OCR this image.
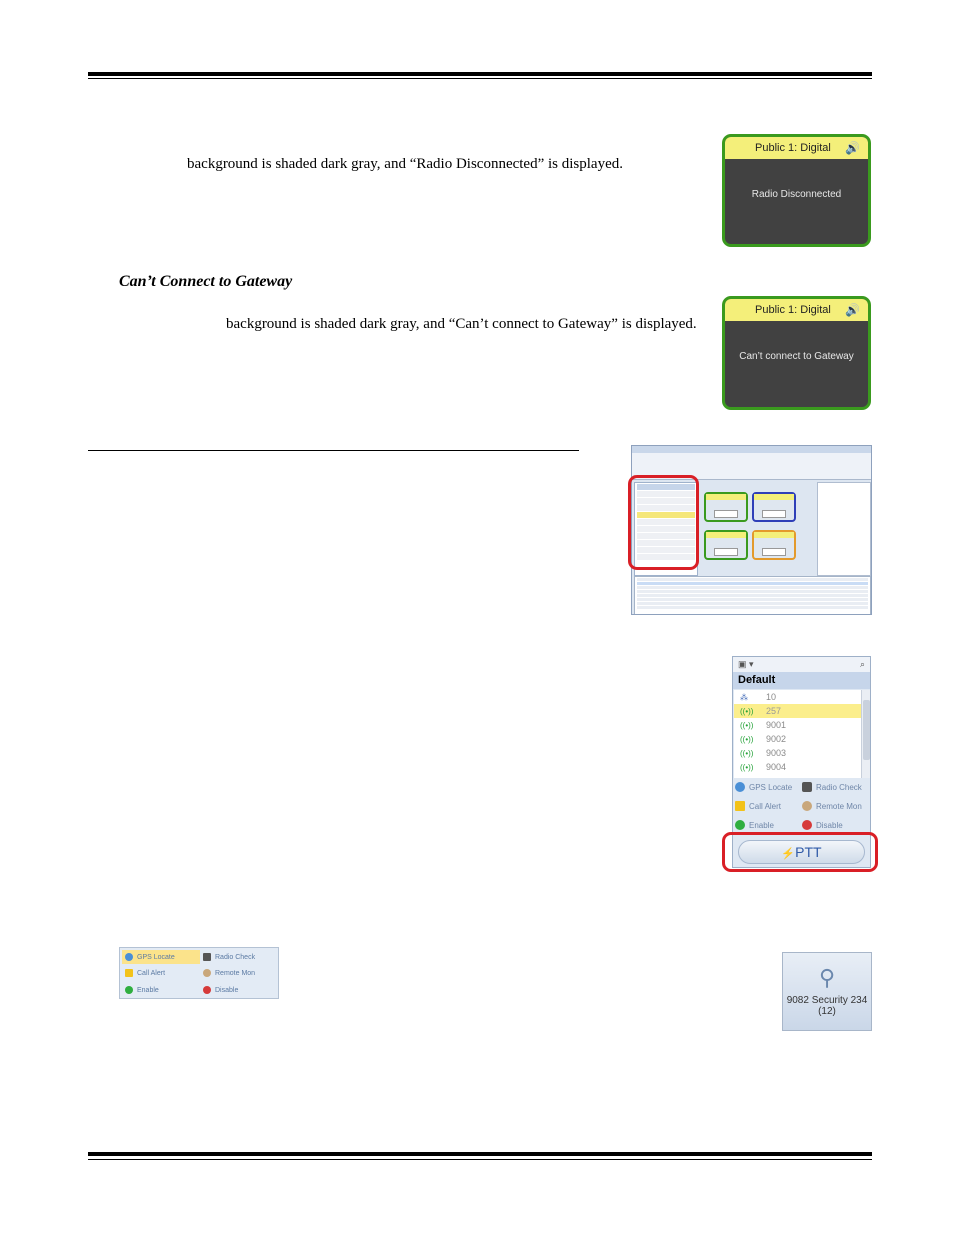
background is shaded dark gray, and “Radio Disconnected” is displayed.
Public 1: Digital 🔊
Radio Disconnected
Can’t Connect to Gateway
background is shaded dark gray, and “Can’t connect to Gateway” is displayed.
Public 1: Digital 🔊
Can’t connect to Gateway
▣ ▾	⌕
Default
⁂	10
((•))	257
((•))	9001
((•))	9002
((•))	9003
((•))	9004
GPS Locate	Radio Check
Call Alert	Remote Mon
Enable	Disable
⚡PTT
GPS Locate	Radio Check
Call Alert	Remote Mon
Enable	Disable	⚲
9082 Security 234
(12)
